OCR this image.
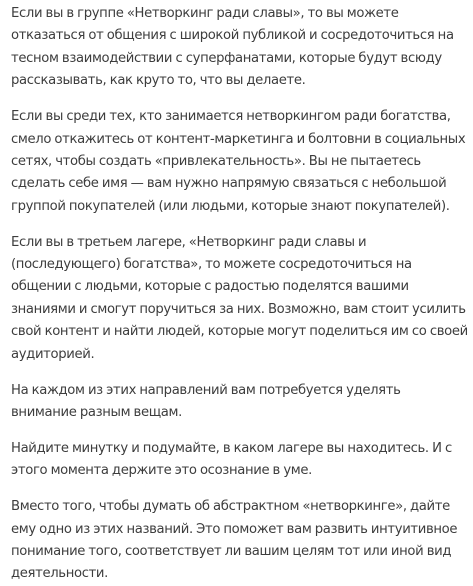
Если вы в группе «Нетворкинг ради славы», то вы можете отказаться от общения с широкой публикой и сосредоточиться на тесном взаимодействии с суперфанатами, которые будут всюду рассказывать, как круто то, что вы делаете.

Если вы среди тех, кто занимается нетворкингом ради богатства, смело откажитесь от контент-маркетинга и болтовни в социальных сетях, чтобы создать «привлекательность». Вы не пытаетесь сделать себе имя — вам нужно напрямую связаться с небольшой группой покупателей (или людьми, которые знают покупателей).

Если вы в третьем лагере, «Нетворкинг ради славы и (последующего) богатства», то можете сосредоточиться на общении с людьми, которые с радостью поделятся вашими знаниями и смогут поручиться за них. Возможно, вам стоит усилить свой контент и найти людей, которые могут поделиться им со своей аудиторией.

На каждом из этих направлений вам потребуется уделять внимание разным вещам.

Найдите минутку и подумайте, в каком лагере вы находитесь. И с этого момента держите это осознание в уме.

Вместо того, чтобы думать об абстрактном «нетворкинге», дайте ему одно из этих названий. Это поможет вам развить интуитивное понимание того, соответствует ли вашим целям тот или иной вид деятельности.
